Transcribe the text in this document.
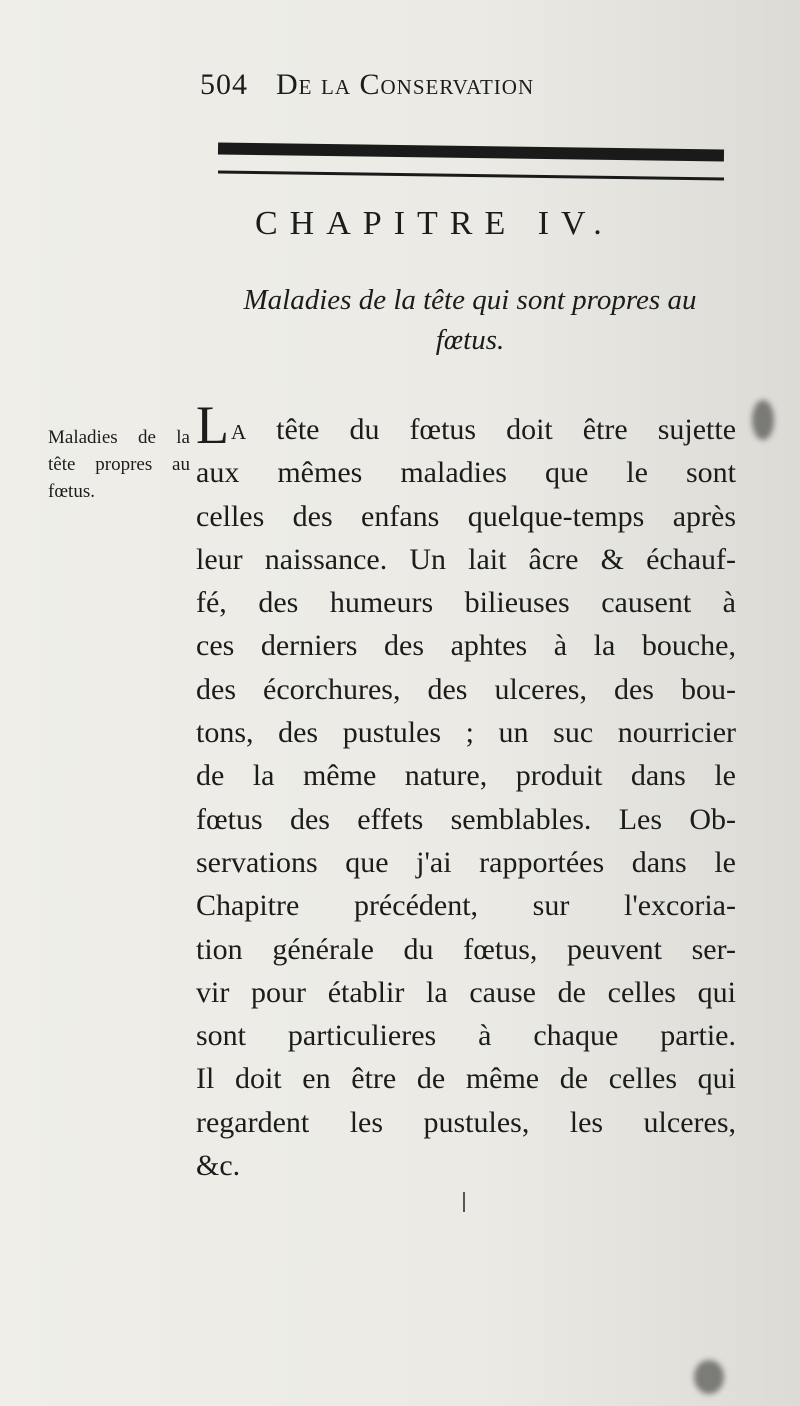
504 De la Conservation
CHAPITRE IV.
Maladies de la tête qui sont propres au
fœtus.
Maladies de la tête propres au fœtus.
La tête du fœtus doit être sujette
aux mêmes maladies que le sont
celles des enfans quelque-temps après
leur naissance. Un lait âcre & échauf-
fé, des humeurs bilieuses causent à
ces derniers des aphtes à la bouche,
des écorchures, des ulceres, des bou-
tons, des pustules ; un suc nourricier
de la même nature, produit dans le
fœtus des effets semblables. Les Ob-
servations que j'ai rapportées dans le
Chapitre précédent, sur l'excoria-
tion générale du fœtus, peuvent ser-
vir pour établir la cause de celles qui
sont particulieres à chaque partie.
Il doit en être de même de celles qui
regardent les pustules, les ulceres,
&c.
